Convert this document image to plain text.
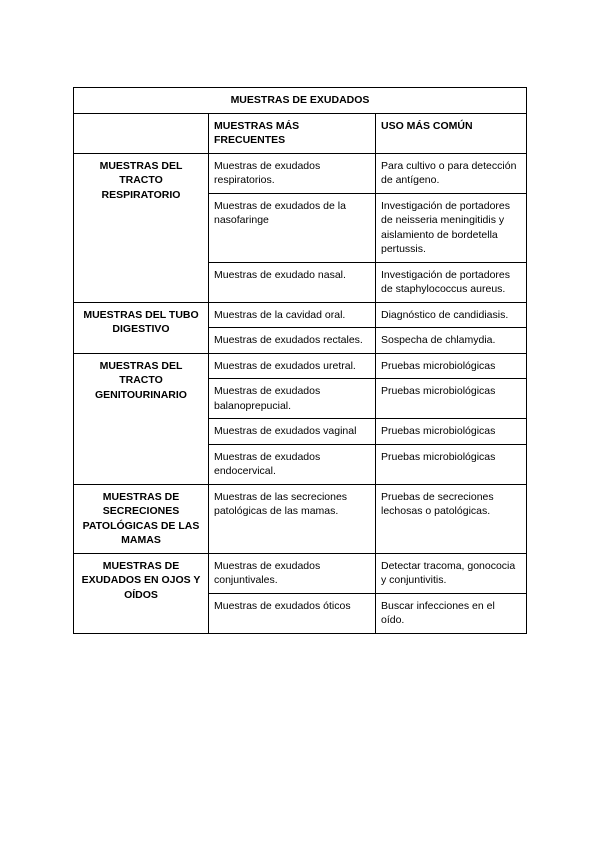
MUESTRAS DE EXUDADOS		
	MUESTRAS MÁS FRECUENTES	USO MÁS COMÚN
MUESTRAS DEL TRACTO RESPIRATORIO	Muestras de exudados respiratorios.	Para cultivo o para detección de antígeno.
	Muestras de exudados de la nasofaringe	Investigación de portadores de neisseria meningitidis y aislamiento de bordetella pertussis.
	Muestras de exudado nasal.	Investigación de portadores de staphylococcus aureus.
MUESTRAS DEL TUBO DIGESTIVO	Muestras de la cavidad oral.	Diagnóstico de candidiasis.
	Muestras de exudados rectales.	Sospecha de chlamydia.
MUESTRAS DEL TRACTO GENITOURINARIO	Muestras de exudados uretral.	Pruebas microbiológicas
	Muestras de exudados balanoprepucial.	Pruebas microbiológicas
	Muestras de exudados vaginal	Pruebas microbiológicas
	Muestras de exudados endocervical.	Pruebas microbiológicas
MUESTRAS DE SECRECIONES PATOLÓGICAS DE LAS MAMAS	Muestras de las secreciones patológicas de las mamas.	Pruebas de secreciones lechosas o patológicas.
MUESTRAS DE EXUDADOS EN OJOS Y OÍDOS	Muestras de exudados conjuntivales.	Detectar tracoma, gonococia y conjuntivitis.
	Muestras de exudados óticos	Buscar infecciones en el oído.
